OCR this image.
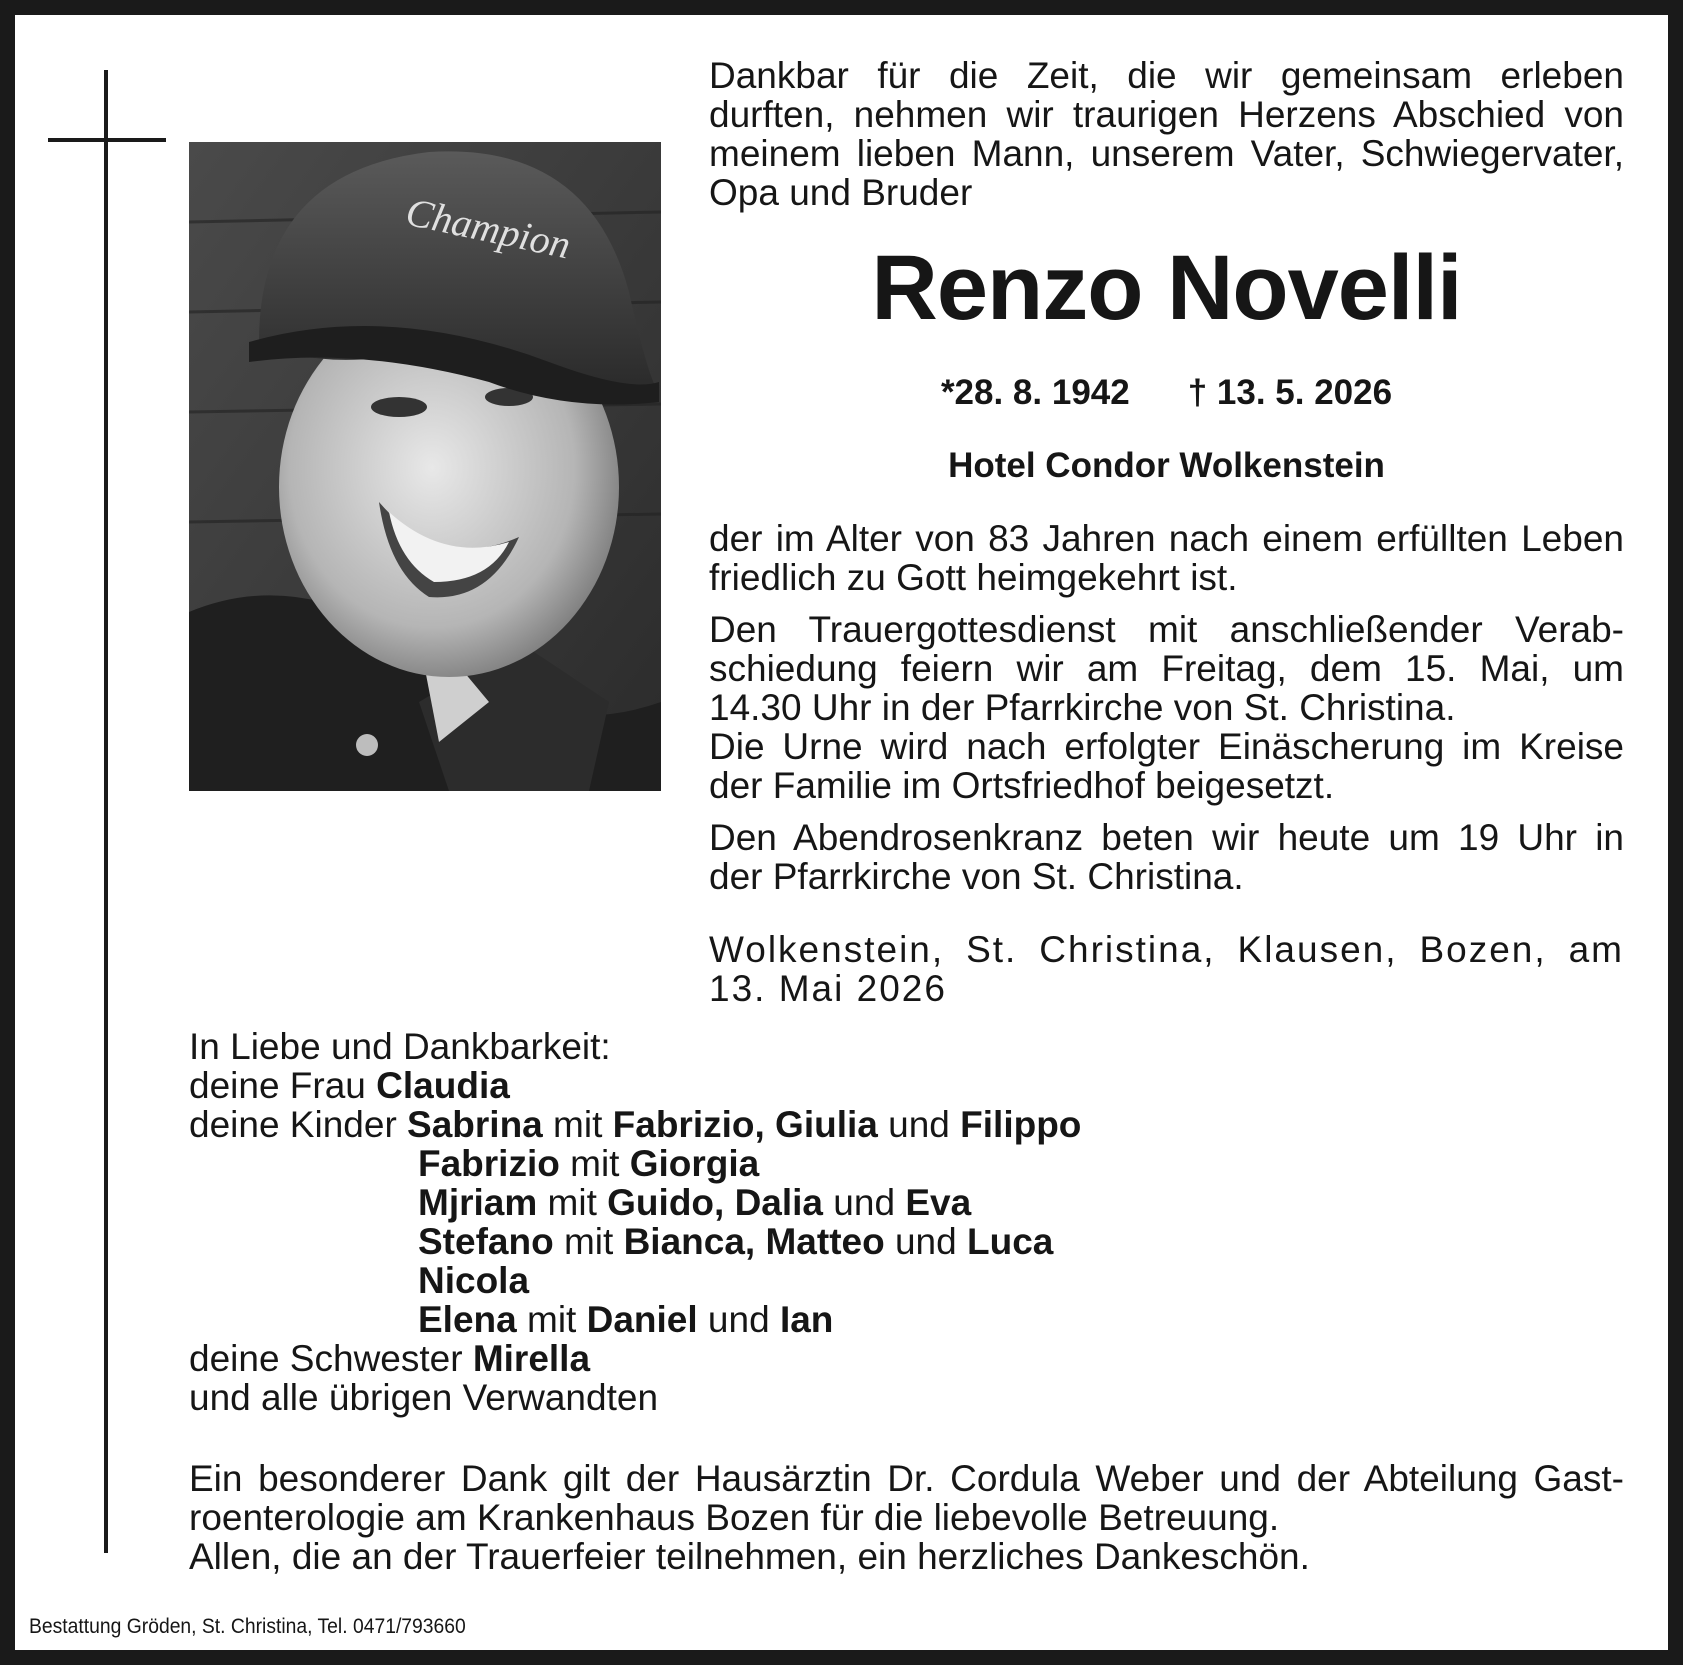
Champion

Dankbar für die Zeit, die wir gemeinsam erleben durften, nehmen wir traurigen Herzens Abschied von meinem lieben Mann, unserem Vater, Schwiegervater, Opa und Bruder

Renzo Novelli
*28. 8. 1942 † 13. 5. 2026
Hotel Condor Wolkenstein

der im Alter von 83 Jahren nach einem erfüllten Leben friedlich zu Gott heimgekehrt ist.

Den Trauergottesdienst mit anschließender Verabschiedung feiern wir am Freitag, dem 15. Mai, um 14.30 Uhr in der Pfarrkirche von St. Christina.

Die Urne wird nach erfolgter Einäscherung im Kreise der Familie im Ortsfriedhof beigesetzt.

Den Abendrosenkranz beten wir heute um 19 Uhr in der Pfarrkirche von St. Christina.

Wolkenstein, St. Christina, Klausen, Bozen, am 13. Mai 2026

In Liebe und Dankbarkeit:
deine Frau Claudia
deine Kinder Sabrina mit Fabrizio, Giulia und Filippo
Fabrizio mit Giorgia
Mjriam mit Guido, Dalia und Eva
Stefano mit Bianca, Matteo und Luca
Nicola
Elena mit Daniel und Ian
deine Schwester Mirella
und alle übrigen Verwandten

Ein besonderer Dank gilt der Hausärztin Dr. Cordula Weber und der Abteilung Gast-

roenterologie am Krankenhaus Bozen für die liebevolle Betreuung.

Allen, die an der Trauerfeier teilnehmen, ein herzliches Dankeschön.

Bestattung Gröden, St. Christina, Tel. 0471/793660
